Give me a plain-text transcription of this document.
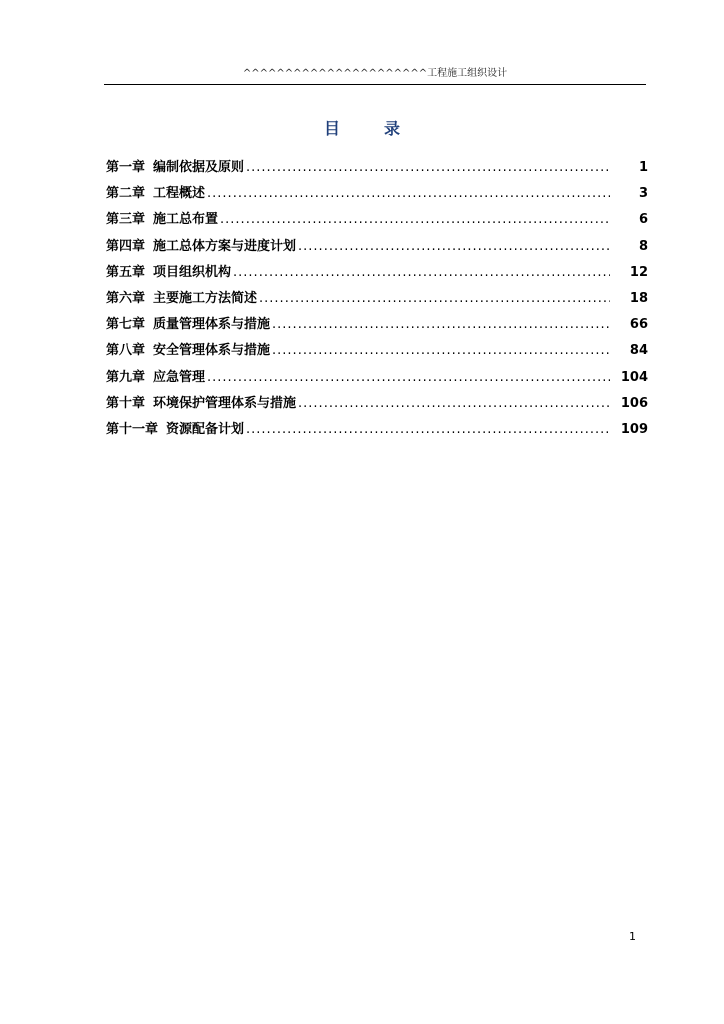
^^^^^^^^^^^^^^^^^^^^^^工程施工组织设计
目	录
第一章 编制依据及原则 .....	1
第二章 工程概述 .....	3
第三章 施工总布置 .....	6
第四章 施工总体方案与进度计划 .....	8
第五章 项目组织机构 .....	12
第六章 主要施工方法简述 .....	18
第七章 质量管理体系与措施 .....	66
第八章 安全管理体系与措施 .....	84
第九章 应急管理 .....	104
第十章 环境保护管理体系与措施 .....	106
第十一章 资源配备计划 .....	109
1
